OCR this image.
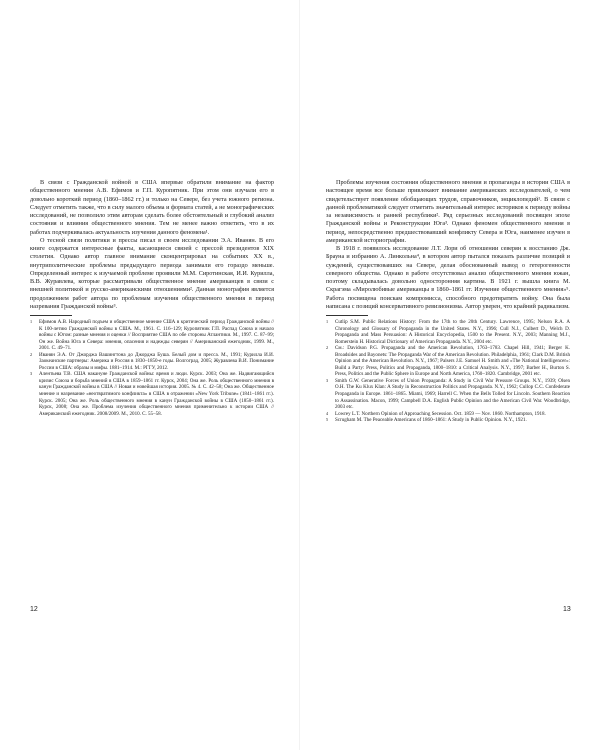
В связи с Гражданской войной в США впервые обратили внимание на фактор общественного мнения А.В. Ефимов и Г.П. Куропятник. При этом они изучали его в довольно короткий период (1860–1862 гг.) и только на Севере, без учета южного региона. Следует отметить также, что в силу малого объема и формата статей, а не монографических исследований, не позволило этим авторам сделать более обстоятельный и глубокий анализ состояния и влияния общественного мнения. Тем не менее важно отметить, что в их работах подчеркивалась актуальность изучения данного феномена¹.

О тесной связи политики и прессы писал в своем исследовании Э.А. Иванян. В его книге содержатся интересные факты, касающиеся связей с прессой президентов XIX столетия. Однако автор главное внимание сконцентрировал на событиях XX в., внутриполитические проблемы предыдущего периода занимали его гораздо меньше. Определенный интерес к изучаемой проблеме проявили М.М. Сиротинская, И.И. Курилла, В.В. Журавлева, которые рассматривали общественное мнение американцев в связи с внешней политикой и русско-американскими отношениями². Данная монография является продолжением работ автора по проблемам изучения общественного мнения в период назревания Гражданской войны³.

1	Ефимов А.В. Народный подъем и общественное мнение США в критический период Гражданской войны // К 100-летию Гражданской войны в США. М., 1961. С. 116–129; Куропятник Г.П. Распад Союза и начало войны с Югом: разные мнения и оценки // Восприятие США по обе стороны Атлантики. М., 1997. С. 87–99; Он же. Война Юга и Севера: мнения, опасения и надежды северян // Американский ежегодник, 1999. М., 2001. С. 49–71.
2	Иванян Э.А. От Джорджа Вашингтона до Джорджа Буша. Белый дом и пресса. М., 1991; Курилла И.И. Заокеанские партнеры: Америка и Россия в 1830–1850-е годы. Волгоград, 2005; Журавлева В.И. Понимание России в США: образы и мифы. 1881–1914. М.: РГГУ, 2012.
3	Алентьева Т.В. США накануне Гражданской войны: время и люди. Курск. 2003; Она же. Надвигающийся кризис Союза и борьба мнений в США в 1859–1861 гг. Курск, 2004; Она же. Роль общественного мнения в канун Гражданской войны в США // Новая и новейшая история. 2005. № 4. С. 42–58; Она же. Общественное мнение и назревание «неотвратимого конфликта» в США в отражении «New York Tribune» (1841–1861 гг.). Курск. 2005; Она же. Роль общественного мнения в канун Гражданской войны в США (1850–1861 гг.). Курск, 2008; Она же. Проблема изучения общественного мнения применительно к истории США // Американский ежегодник. 2008/2009. М., 2010. С. 55–58.
12

Проблемы изучения состояния общественного мнения и пропаганды в истории США в настоящее время все больше привлекают внимание американских исследователей, о чем свидетельствует появление обобщающих трудов, справочников, энциклопедий¹. В связи с данной проблематикой следует отметить значительный интерес историков к периоду войны за независимость и ранней республики². Ряд серьезных исследований посвящен эпохе Гражданской войны и Реконструкции Юга³. Однако феномен общественного мнения в период, непосредственно предшествовавший конфликту Севера и Юга, наименее изучен в американской историографии.

В 1918 г. появилось исследование Л.Т. Лори об отношении северян к восстанию Дж. Брауна и избранию А. Линкольна⁴, в котором автор пытался показать различие позиций и суждений, существовавших на Севере, делая обоснованный вывод о гетерогенности северного общества. Однако в работе отсутствовал анализ общественного мнения южан, поэтому складывалась довольно односторонняя картина. В 1921 г. вышла книга М. Скрагэма «Миролюбивые американцы в 1860–1861 гг. Изучение общественного мнения»⁵. Работа посвящена поискам компромисса, способного предотвратить войну. Она была написана с позиций консервативного ревизионизма. Автор уверен, что крайний радикализм.

1	Cutlip S.M. Public Relations History: From the 17th to the 20th Century. Lawrence, 1995; Nelson R.A. A Chronology and Glossary of Propaganda in the United States. N.Y., 1996; Cull N.J., Culbert D., Welch D. Propaganda and Mass Persuasion: A Historical Encyclopedia, 1500 to the Present. N.Y., 2003; Manning M.J., Romerstein H. Historical Dictionary of American Propaganda. N.Y., 2004 etc.
2	См.: Davidson P.G. Propaganda and the American Revolution, 1763–1783. Chapel Hill, 1941; Berger K. Broadsides and Bayonets: The Propaganda War of the American Revolution. Philadelphia, 1961; Clark D.M. British Opinion and the American Revolution. N.Y., 1967; Palsers J.E. Samuel H. Smith and «The National Intelligencer»: Build a Party: Press, Politics and Propaganda, 1800–1810: a Critical Analysis. N.Y., 1997; Barber H., Burton S. Press, Politics and the Public Sphere in Europe and North America, 1760–1820. Cambridge, 2001 etc.
3	Smith G.W. Generative Forces of Union Propaganda: A Study in Civil War Pressure Groups. N.Y., 1939; Olsen O.H. The Ku Klux Klan: A Study in Reconstruction Politics and Propaganda. N.Y., 1962; Cullop C.C. Confederate Propaganda in Europe. 1861–1865. Miami, 1969; Harrell C. When the Bells Tolled for Lincoln. Southern Reaction to Assassination. Macon, 1999; Campbell D.A. English Public Opinion and the American Civil War. Woodbridge, 2003 etc.
4	Lowrey L.T. Northern Opinion of Approaching Secession. Oct. 1859 — Nov. 1860. Northampton, 1918.
5	Scrugham M. The Peaceable Americans of 1860–1861: A Study in Public Opinion. N.Y., 1921.
13
